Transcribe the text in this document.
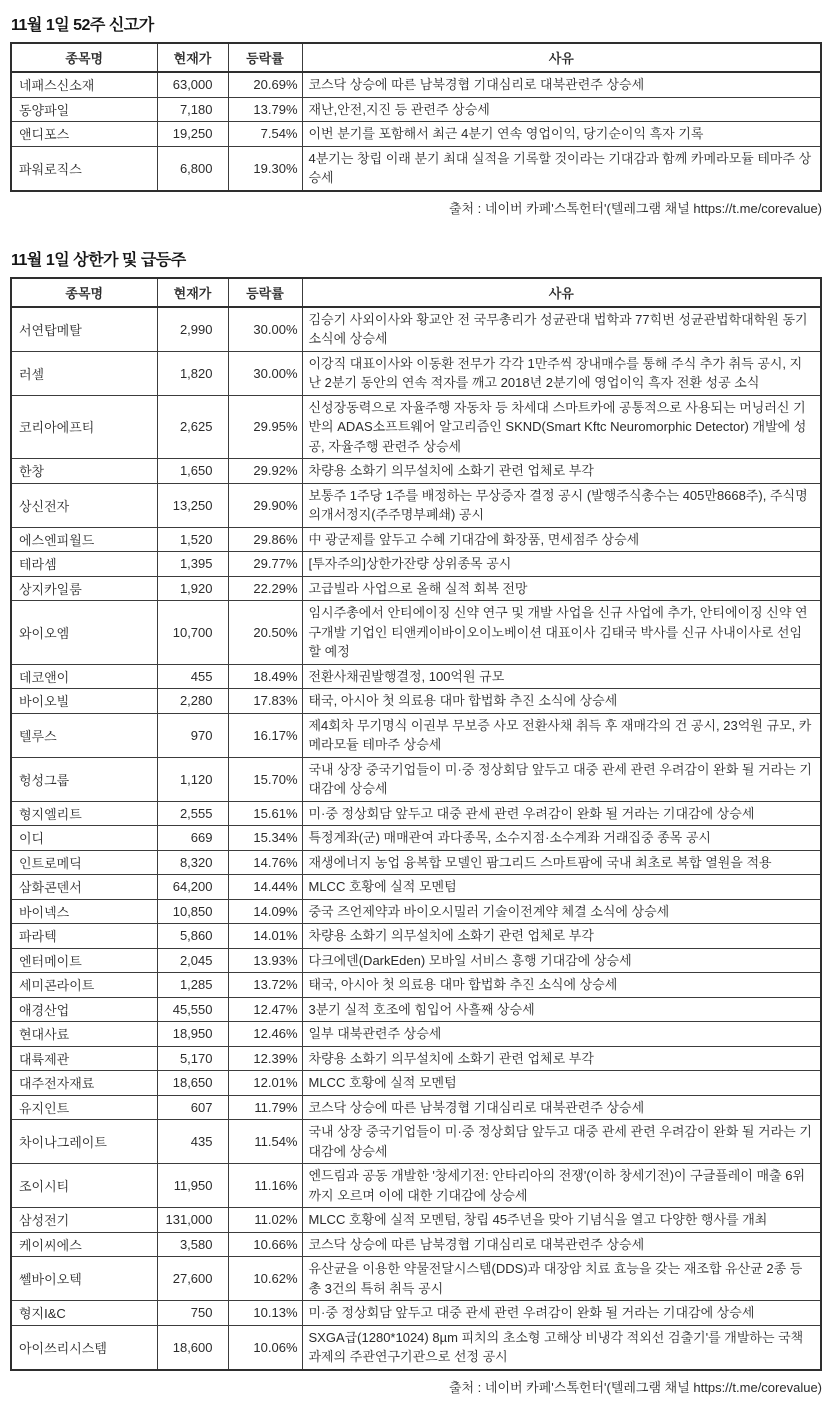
11월 1일 52주 신고가
종목명	현재가	등락률	사유
네패스신소재	63,000	20.69%	코스닥 상승에 따른 남북경협 기대심리로 대북관련주 상승세
동양파일	7,180	13.79%	재난,안전,지진 등 관련주 상승세
앤디포스	19,250	7.54%	이번 분기를 포함해서 최근 4분기 연속 영업이익, 당기순이익 흑자 기록
파워로직스	6,800	19.30%	4분기는 창립 이래 분기 최대 실적을 기록할 것이라는 기대감과 함께 카메라모듈 테마주 상승세
출처 : 네이버 카페'스톡헌터'(텔레그램 채널 https://t.me/corevalue)
11월 1일 상한가 및 급등주
종목명	현재가	등락률	사유
서연탑메탈	2,990	30.00%	김승기 사외이사와 황교안 전 국무총리가 성균관대 법학과 77힉번 성균관법학대학원 동기소식에 상승세
러셀	1,820	30.00%	이강직 대표이사와 이동환 전무가 각각 1만주씩 장내매수를 통해 주식 추가 취득 공시, 지난 2분기 동안의 연속 적자를 깨고 2018년 2분기에 영업이익 흑자 전환 성공 소식
코리아에프티	2,625	29.95%	신성장동력으로 자율주행 자동차 등 차세대 스마트카에 공통적으로 사용되는 머닝러신 기반의 ADAS소프트웨어 알고리즘인 SKND(Smart Kftc Neuromorphic Detector) 개발에 성공, 자율주행 관련주 상승세
한창	1,650	29.92%	차량용 소화기 의무설치에 소화기 관련 업체로 부각
상신전자	13,250	29.90%	보통주 1주당 1주를 배정하는 무상증자 결정 공시 (발행주식총수는 405만8668주), 주식명의개서정지(주주명부폐쇄) 공시
에스엔피월드	1,520	29.86%	中 광군제를 앞두고 수혜 기대감에 화장품, 면세점주 상승세
테라셈	1,395	29.77%	[투자주의]상한가잔량 상위종목 공시
상지카일룸	1,920	22.29%	고급빌라 사업으로 올해 실적 회복 전망
와이오엠	10,700	20.50%	임시주총에서 안티에이징 신약 연구 및 개발 사업을 신규 사업에 추가, 안티에이징 신약 연구개발 기업인 티앤케이바이오이노베이션 대표이사 김태국 박사를 신규 사내이사로 선임 할 예정
데코앤이	455	18.49%	전환사채권발행결정, 100억원 규모
바이오빌	2,280	17.83%	태국, 아시아 첫 의료용 대마 합법화 추진 소식에 상승세
텔루스	970	16.17%	제4회차 무기명식 이권부 무보증 사모 전환사채 취득 후 재매각의 건 공시, 23억원 규모, 카메라모듈 테마주 상승세
헝성그룹	1,120	15.70%	국내 상장 중국기업들이 미·중 정상회담 앞두고 대중 관세 관련 우려감이 완화 될 거라는 기대감에 상승세
형지엘리트	2,555	15.61%	미·중 정상회담 앞두고 대중 관세 관련 우려감이 완화 될 거라는 기대감에 상승세
이디	669	15.34%	특정계좌(군) 매매관여 과다종목, 소수지점·소수계좌 거래집중 종목 공시
인트로메딕	8,320	14.76%	재생에너지 농업 융복합 모델인 팜그리드 스마트팜에 국내 최초로 복합 열원을 적용
삼화콘덴서	64,200	14.44%	MLCC 호황에 실적 모멘텀
바이넥스	10,850	14.09%	중국 즈언제약과 바이오시밀러 기술이전계약 체결 소식에 상승세
파라텍	5,860	14.01%	차량용 소화기 의무설치에 소화기 관련 업체로 부각
엔터메이트	2,045	13.93%	다크에덴(DarkEden) 모바일 서비스 흥행 기대감에 상승세
세미콘라이트	1,285	13.72%	태국, 아시아 첫 의료용 대마 합법화 추진 소식에 상승세
애경산업	45,550	12.47%	3분기 실적 호조에 힘입어 사흘째 상승세
현대사료	18,950	12.46%	일부 대북관련주 상승세
대륙제관	5,170	12.39%	차량용 소화기 의무설치에 소화기 관련 업체로 부각
대주전자재료	18,650	12.01%	MLCC 호황에 실적 모멘텀
유지인트	607	11.79%	코스닥 상승에 따른 남북경협 기대심리로 대북관련주 상승세
차이나그레이트	435	11.54%	국내 상장 중국기업들이 미·중 정상회담 앞두고 대중 관세 관련 우려감이 완화 될 거라는 기대감에 상승세
조이시티	11,950	11.16%	엔드림과 공동 개발한 '창세기전: 안타리아의 전쟁'(이하 창세기전)이 구글플레이 매출 6위까지 오르며 이에 대한 기대감에 상승세
삼성전기	131,000	11.02%	MLCC 호황에 실적 모멘텀, 창립 45주년을 맞아 기념식을 열고 다양한 행사를 개최
케이씨에스	3,580	10.66%	코스닥 상승에 따른 남북경협 기대심리로 대북관련주 상승세
쎌바이오텍	27,600	10.62%	유산균을 이용한 약물전달시스템(DDS)과 대장암 치료 효능을 갖는 재조합 유산균 2종 등 총 3건의 특허 취득 공시
형지I&C	750	10.13%	미·중 정상회담 앞두고 대중 관세 관련 우려감이 완화 될 거라는 기대감에 상승세
아이쓰리시스템	18,600	10.06%	SXGA급(1280*1024) 8µm 피치의 초소형 고해상 비냉각 적외선 검출기'를 개발하는 국책과제의 주관연구기관으로 선정 공시
출처 : 네이버 카페'스톡헌터'(텔레그램 채널 https://t.me/corevalue)
